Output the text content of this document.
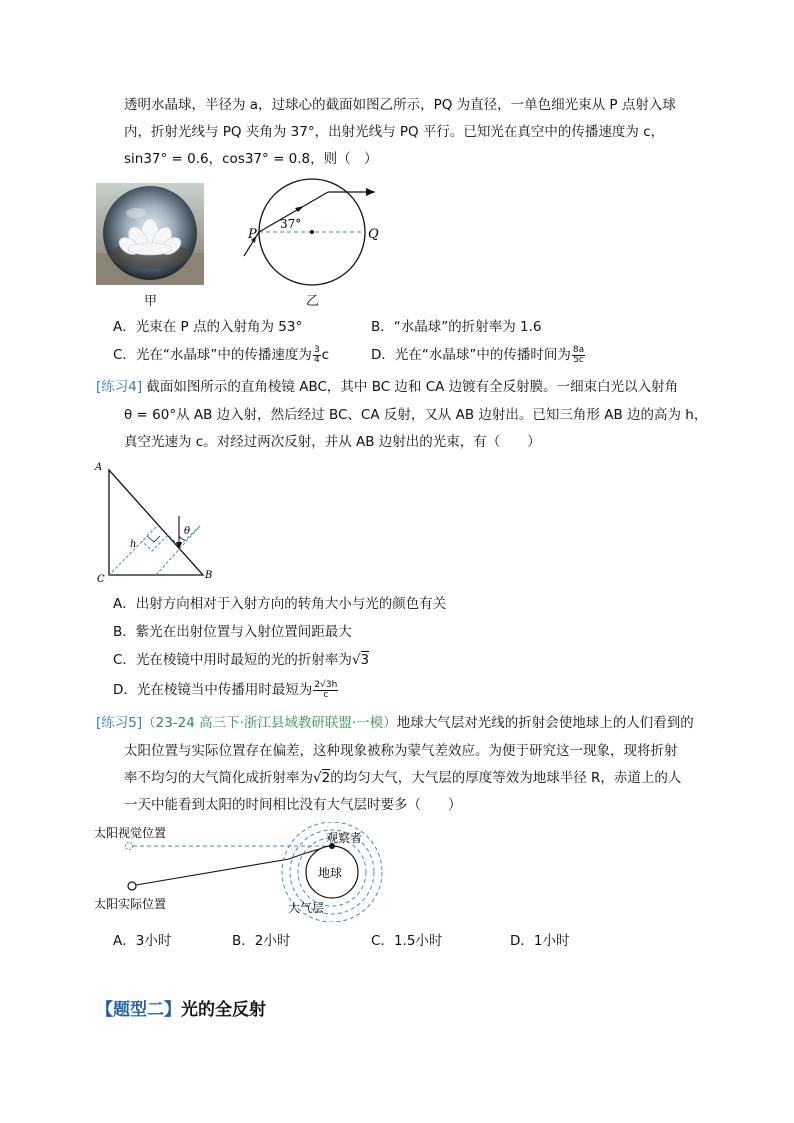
透明水晶球，半径为 a，过球心的截面如图乙所示，PQ 为直径，一单色细光束从 P 点射入球
内，折射光线与 PQ 夹角为 37°，出射光线与 PQ 平行。已知光在真空中的传播速度为 c，
sin37° = 0.6，cos37° = 0.8，则（　）
甲
P	Q
37°
乙
A．光束在 P 点的入射角为 53°	B．“水晶球”的折射率为 1.6
C．光在“水晶球”中的传播速度为 $\frac{3}{4}$ c	D．光在“水晶球”中的传播时间为 $\frac{8a}{5c}$
[练习4] 截面如图所示的直角棱镜 ABC，其中 BC 边和 CA 边镀有全反射膜。一细束白光以入射角
θ = 60°从 AB 边入射，然后经过 BC、CA 反射，又从 AB 边射出。已知三角形 AB 边的高为 h，
真空光速为 c。对经过两次反射，并从 AB 边射出的光束，有（　　）
θ
h
A
C	B
A．出射方向相对于入射方向的转角大小与光的颜色有关
B．紫光在出射位置与入射位置间距最大
C．光在棱镜中用时最短的光的折射率为√3
D．光在棱镜当中传播用时最短为 $\frac{2√3h}{c}$
[练习5]（23-24 高三下·浙江县域教研联盟·一模）地球大气层对光线的折射会使地球上的人们看到的
太阳位置与实际位置存在偏差，这种现象被称为蒙气差效应。为便于研究这一现象，现将折射
率不均匀的大气简化成折射率为√2的均匀大气，大气层的厚度等效为地球半径 R，赤道上的人
一天中能看到太阳的时间相比没有大气层时要多（　　）
太阳视觉位置
太阳实际位置
观察者
地球
大气层
A．3小时	B．2小时	C．1.5小时	D．1小时
【题型二】光的全反射
